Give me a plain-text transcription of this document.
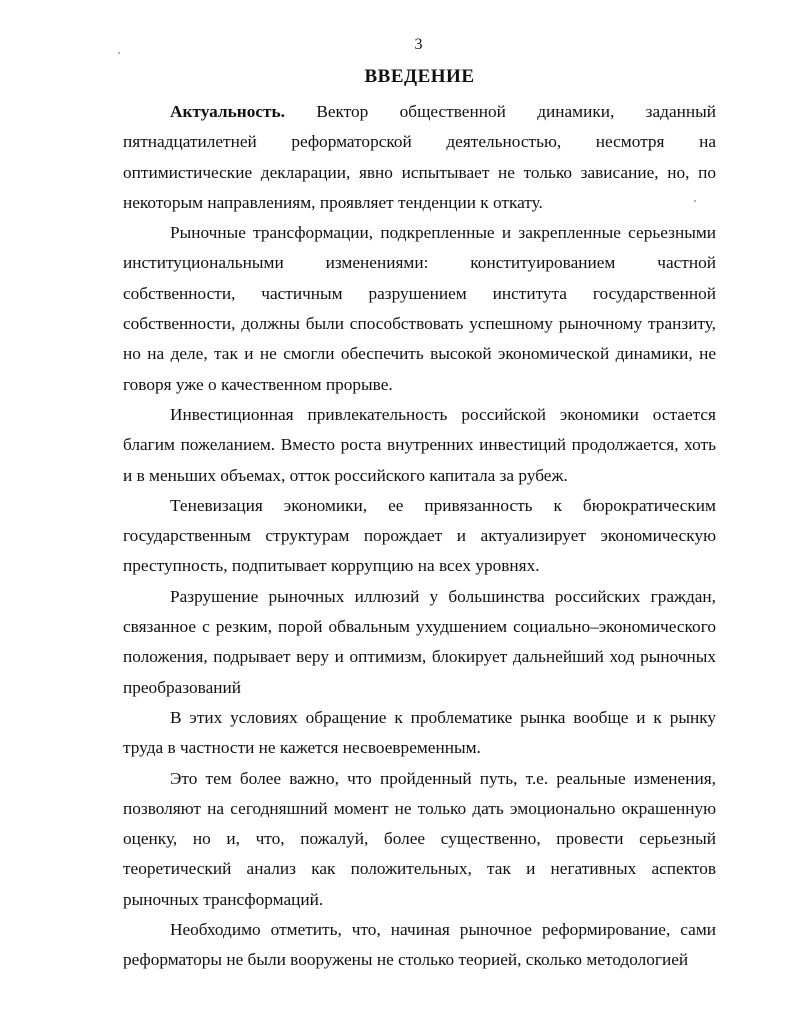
3
ВВЕДЕНИЕ

Актуальность. Вектор общественной динамики, заданный пятнадцатилетней реформаторской деятельностью, несмотря на оптимистические декларации, явно испытывает не только зависание, но, по некоторым направлениям, проявляет тенденции к откату.

Рыночные трансформации, подкрепленные и закрепленные серьезными институциональными изменениями: конституированием частной собственности, частичным разрушением института государственной собственности, должны были способствовать успешному рыночному транзиту, но на деле, так и не смогли обеспечить высокой экономической динамики, не говоря уже о качественном прорыве.

Инвестиционная привлекательность российской экономики остается благим пожеланием. Вместо роста внутренних инвестиций продолжается, хоть и в меньших объемах, отток российского капитала за рубеж.

Теневизация экономики, ее привязанность к бюрократическим государственным структурам порождает и актуализирует экономическую преступность, подпитывает коррупцию на всех уровнях.

Разрушение рыночных иллюзий у большинства российских граждан, связанное с резким, порой обвальным ухудшением социально–экономического положения, подрывает веру и оптимизм, блокирует дальнейший ход рыночных преобразований

В этих условиях обращение к проблематике рынка вообще и к рынку труда в частности не кажется несвоевременным.

Это тем более важно, что пройденный путь, т.е. реальные изменения, позволяют на сегодняшний момент не только дать эмоционально окрашенную оценку, но и, что, пожалуй, более существенно, провести серьезный теоретический анализ как положительных, так и негативных аспектов рыночных трансформаций.

Необходимо отметить, что, начиная рыночное реформирование, сами реформаторы не были вооружены не столько теорией, сколько методологией
